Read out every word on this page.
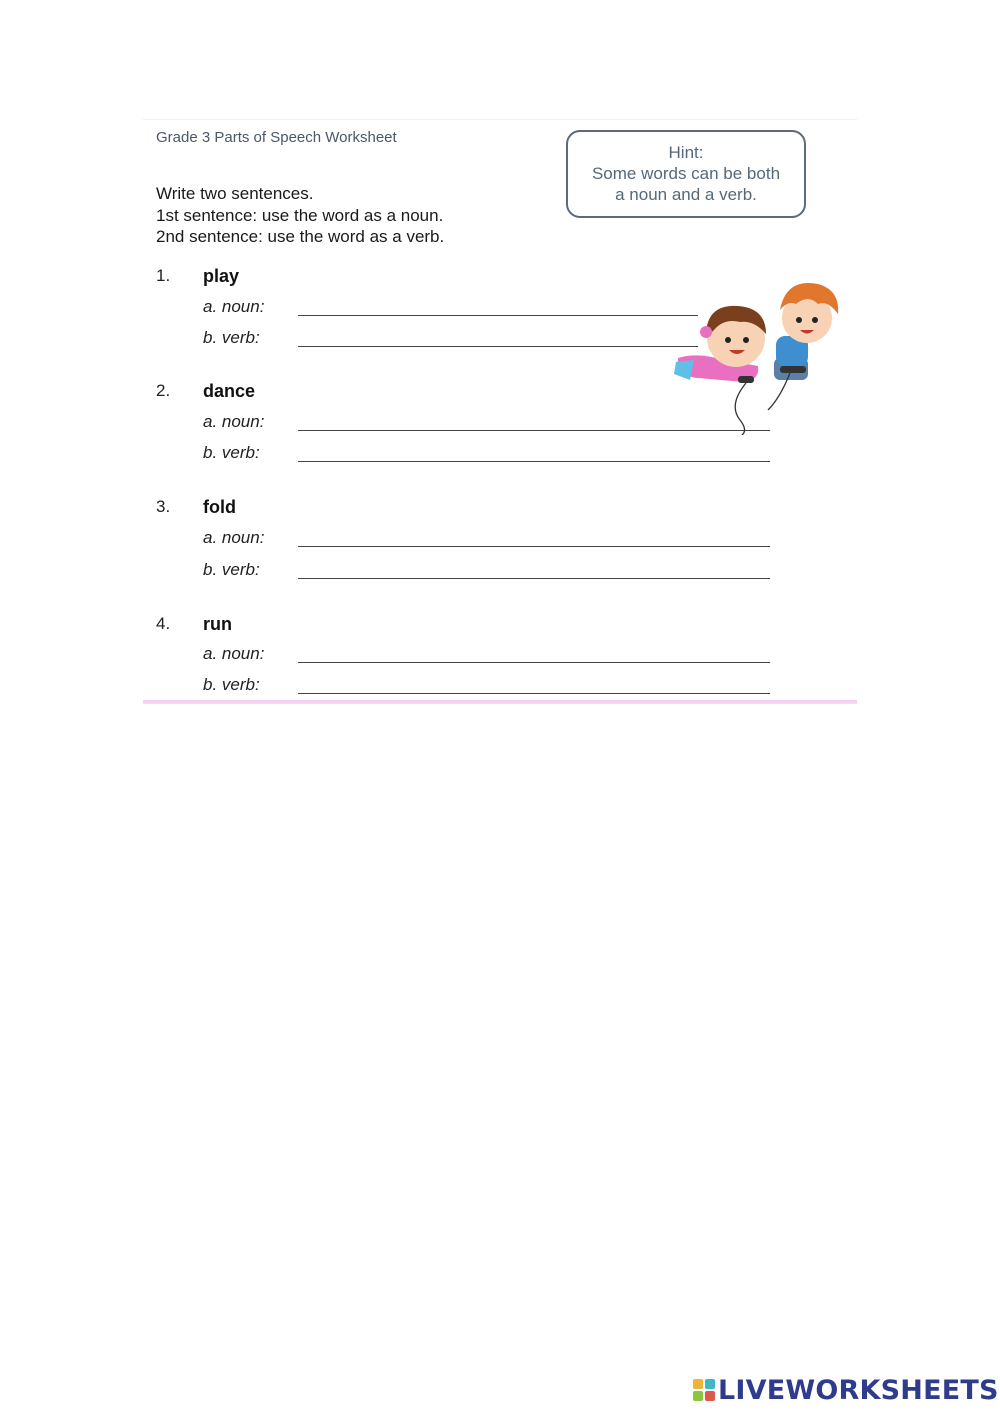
Grade 3 Parts of Speech Worksheet
Write two sentences.
1st sentence: use the word as a noun.
2nd sentence: use the word as a verb.
Hint:
Some words can be both
a noun and a verb.
1. play
a. noun:
b. verb:
2. dance
a. noun:
b. verb:
3. fold
a. noun:
b. verb:
4. run
a. noun:
b. verb:
LIVEWORKSHEETS
